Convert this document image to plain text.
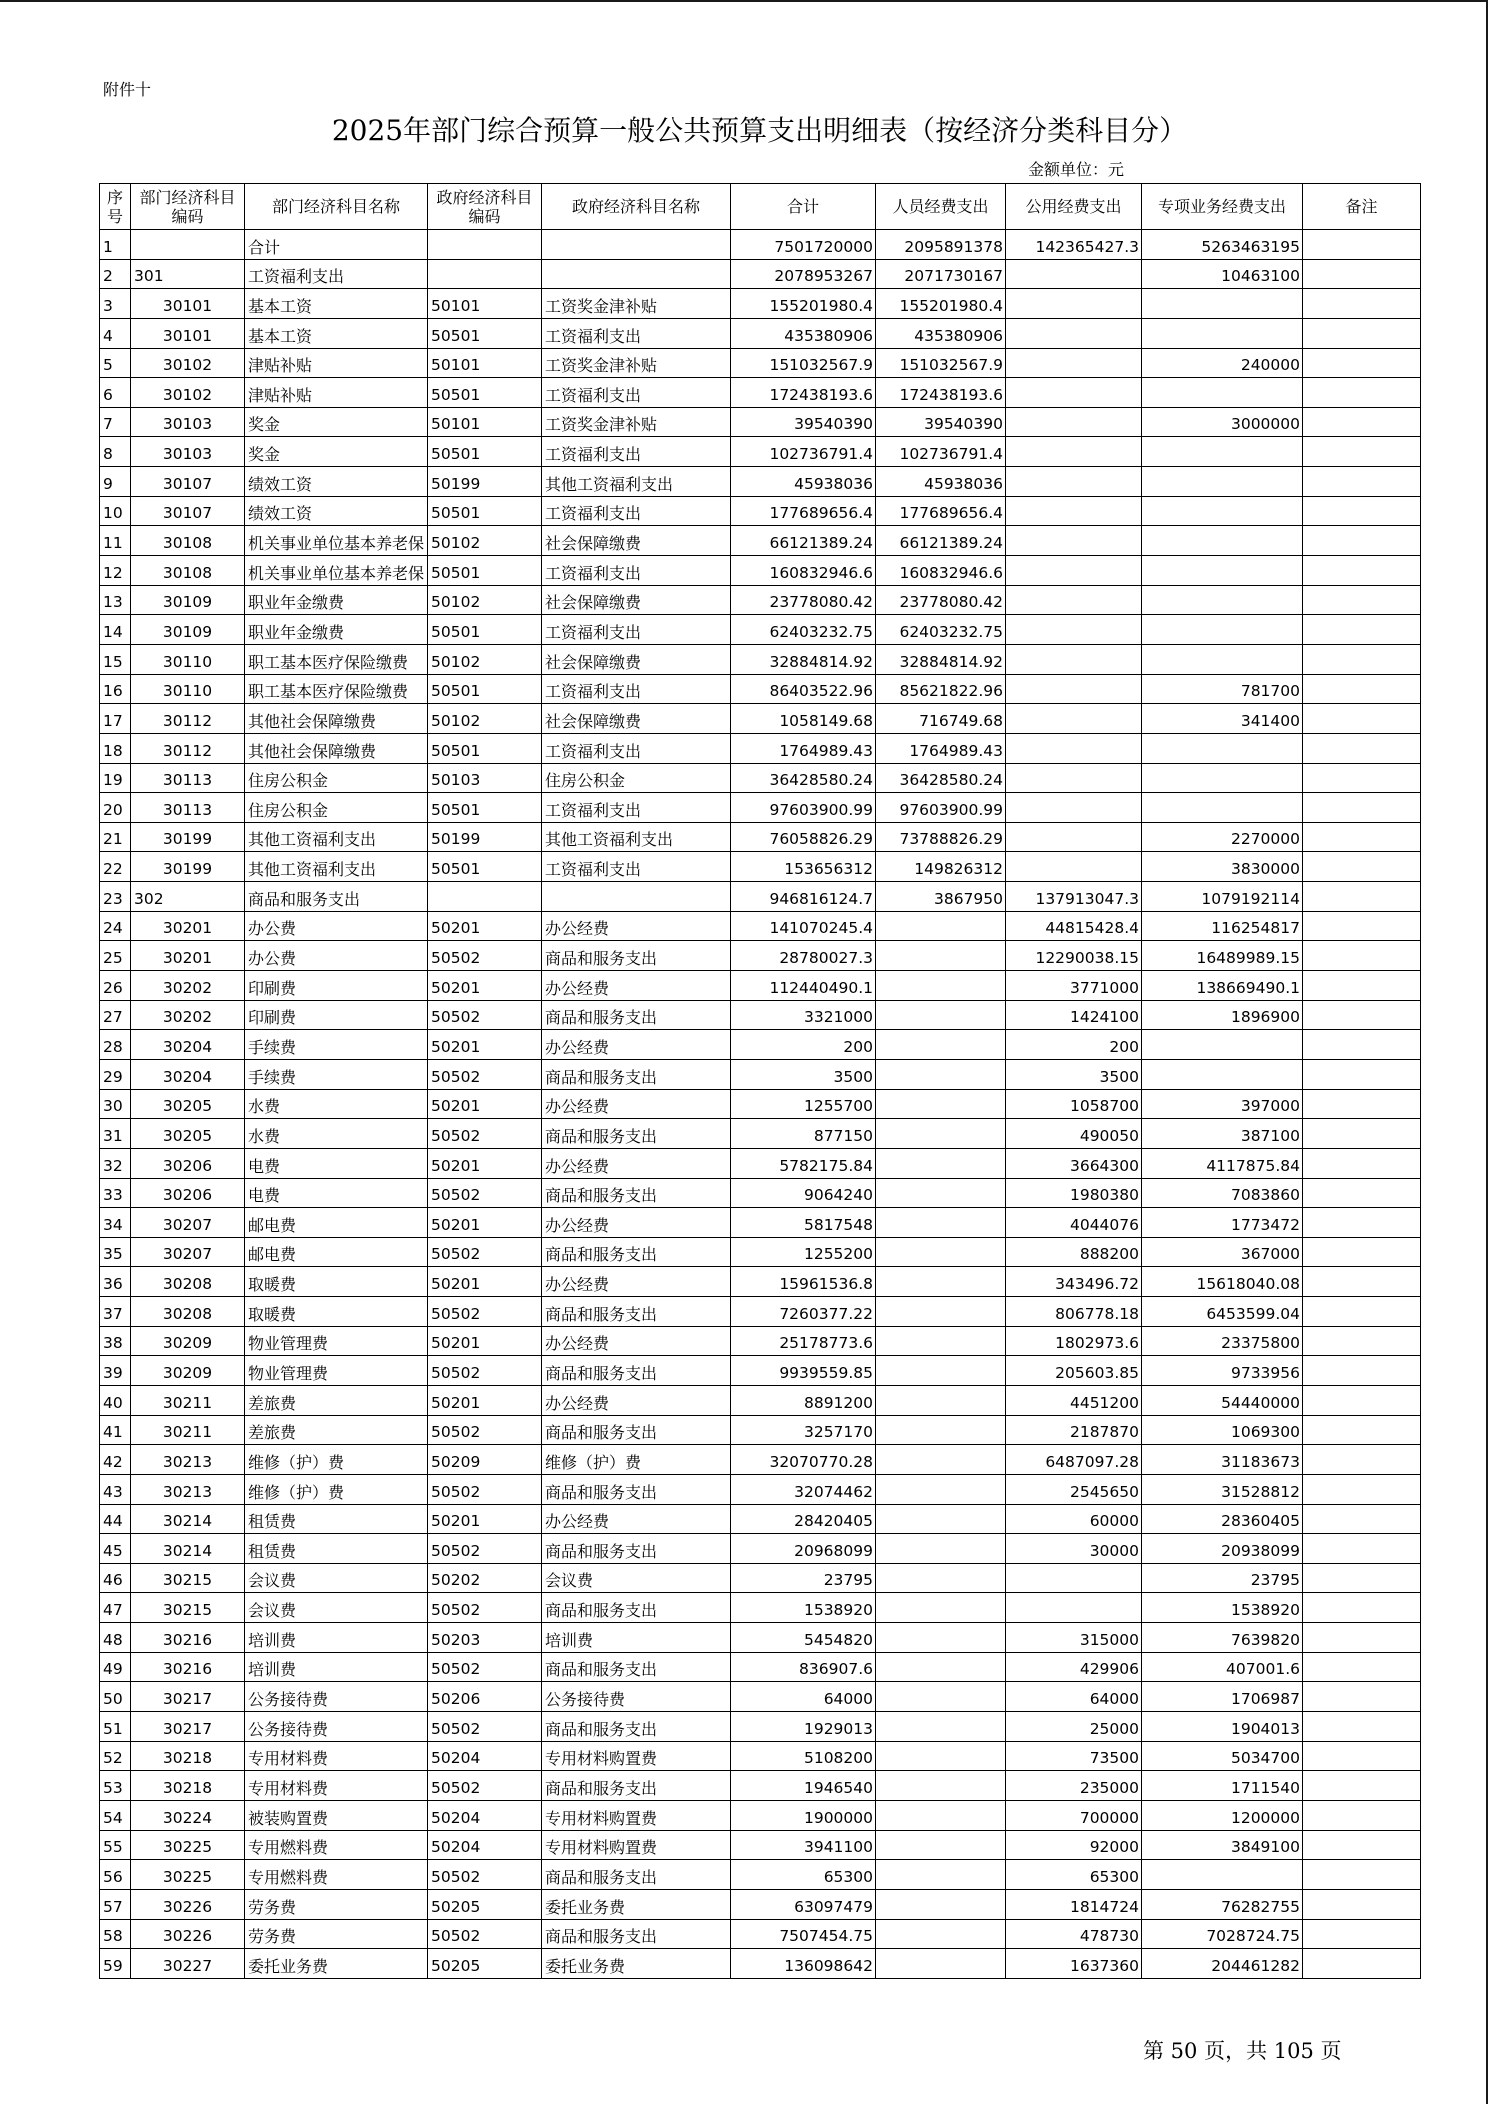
附件十
2025年部门综合预算一般公共预算支出明细表（按经济分类科目分）
金额单位：元
序号	部门经济科目编码	部门经济科目名称	政府经济科目编码	政府经济科目名称	合计	人员经费支出	公用经费支出	专项业务经费支出	备注
1		合计			7501720000	2095891378	142365427.3	5263463195	
2	301	工资福利支出			2078953267	2071730167		10463100	
3	30101	基本工资	50101	工资奖金津补贴	155201980.4	155201980.4			
4	30101	基本工资	50501	工资福利支出	435380906	435380906			
5	30102	津贴补贴	50101	工资奖金津补贴	151032567.9	151032567.9		240000	
6	30102	津贴补贴	50501	工资福利支出	172438193.6	172438193.6			
7	30103	奖金	50101	工资奖金津补贴	39540390	39540390		3000000	
8	30103	奖金	50501	工资福利支出	102736791.4	102736791.4			
9	30107	绩效工资	50199	其他工资福利支出	45938036	45938036			
10	30107	绩效工资	50501	工资福利支出	177689656.4	177689656.4			
11	30108	机关事业单位基本养老保	50102	社会保障缴费	66121389.24	66121389.24			
12	30108	机关事业单位基本养老保	50501	工资福利支出	160832946.6	160832946.6			
13	30109	职业年金缴费	50102	社会保障缴费	23778080.42	23778080.42			
14	30109	职业年金缴费	50501	工资福利支出	62403232.75	62403232.75			
15	30110	职工基本医疗保险缴费	50102	社会保障缴费	32884814.92	32884814.92			
16	30110	职工基本医疗保险缴费	50501	工资福利支出	86403522.96	85621822.96		781700	
17	30112	其他社会保障缴费	50102	社会保障缴费	1058149.68	716749.68		341400	
18	30112	其他社会保障缴费	50501	工资福利支出	1764989.43	1764989.43			
19	30113	住房公积金	50103	住房公积金	36428580.24	36428580.24			
20	30113	住房公积金	50501	工资福利支出	97603900.99	97603900.99			
21	30199	其他工资福利支出	50199	其他工资福利支出	76058826.29	73788826.29		2270000	
22	30199	其他工资福利支出	50501	工资福利支出	153656312	149826312		3830000	
23	302	商品和服务支出			946816124.7	3867950	137913047.3	1079192114	
24	30201	办公费	50201	办公经费	141070245.4		44815428.4	116254817	
25	30201	办公费	50502	商品和服务支出	28780027.3		12290038.15	16489989.15	
26	30202	印刷费	50201	办公经费	112440490.1		3771000	138669490.1	
27	30202	印刷费	50502	商品和服务支出	3321000		1424100	1896900	
28	30204	手续费	50201	办公经费	200		200		
29	30204	手续费	50502	商品和服务支出	3500		3500		
30	30205	水费	50201	办公经费	1255700		1058700	397000	
31	30205	水费	50502	商品和服务支出	877150		490050	387100	
32	30206	电费	50201	办公经费	5782175.84		3664300	4117875.84	
33	30206	电费	50502	商品和服务支出	9064240		1980380	7083860	
34	30207	邮电费	50201	办公经费	5817548		4044076	1773472	
35	30207	邮电费	50502	商品和服务支出	1255200		888200	367000	
36	30208	取暖费	50201	办公经费	15961536.8		343496.72	15618040.08	
37	30208	取暖费	50502	商品和服务支出	7260377.22		806778.18	6453599.04	
38	30209	物业管理费	50201	办公经费	25178773.6		1802973.6	23375800	
39	30209	物业管理费	50502	商品和服务支出	9939559.85		205603.85	9733956	
40	30211	差旅费	50201	办公经费	8891200		4451200	54440000	
41	30211	差旅费	50502	商品和服务支出	3257170		2187870	1069300	
42	30213	维修（护）费	50209	维修（护）费	32070770.28		6487097.28	31183673	
43	30213	维修（护）费	50502	商品和服务支出	32074462		2545650	31528812	
44	30214	租赁费	50201	办公经费	28420405		60000	28360405	
45	30214	租赁费	50502	商品和服务支出	20968099		30000	20938099	
46	30215	会议费	50202	会议费	23795			23795	
47	30215	会议费	50502	商品和服务支出	1538920			1538920	
48	30216	培训费	50203	培训费	5454820		315000	7639820	
49	30216	培训费	50502	商品和服务支出	836907.6		429906	407001.6	
50	30217	公务接待费	50206	公务接待费	64000		64000	1706987	
51	30217	公务接待费	50502	商品和服务支出	1929013		25000	1904013	
52	30218	专用材料费	50204	专用材料购置费	5108200		73500	5034700	
53	30218	专用材料费	50502	商品和服务支出	1946540		235000	1711540	
54	30224	被装购置费	50204	专用材料购置费	1900000		700000	1200000	
55	30225	专用燃料费	50204	专用材料购置费	3941100		92000	3849100	
56	30225	专用燃料费	50502	商品和服务支出	65300		65300		
57	30226	劳务费	50205	委托业务费	63097479		1814724	76282755	
58	30226	劳务费	50502	商品和服务支出	7507454.75		478730	7028724.75	
59	30227	委托业务费	50205	委托业务费	136098642		1637360	204461282	
第 50 页，共 105 页
